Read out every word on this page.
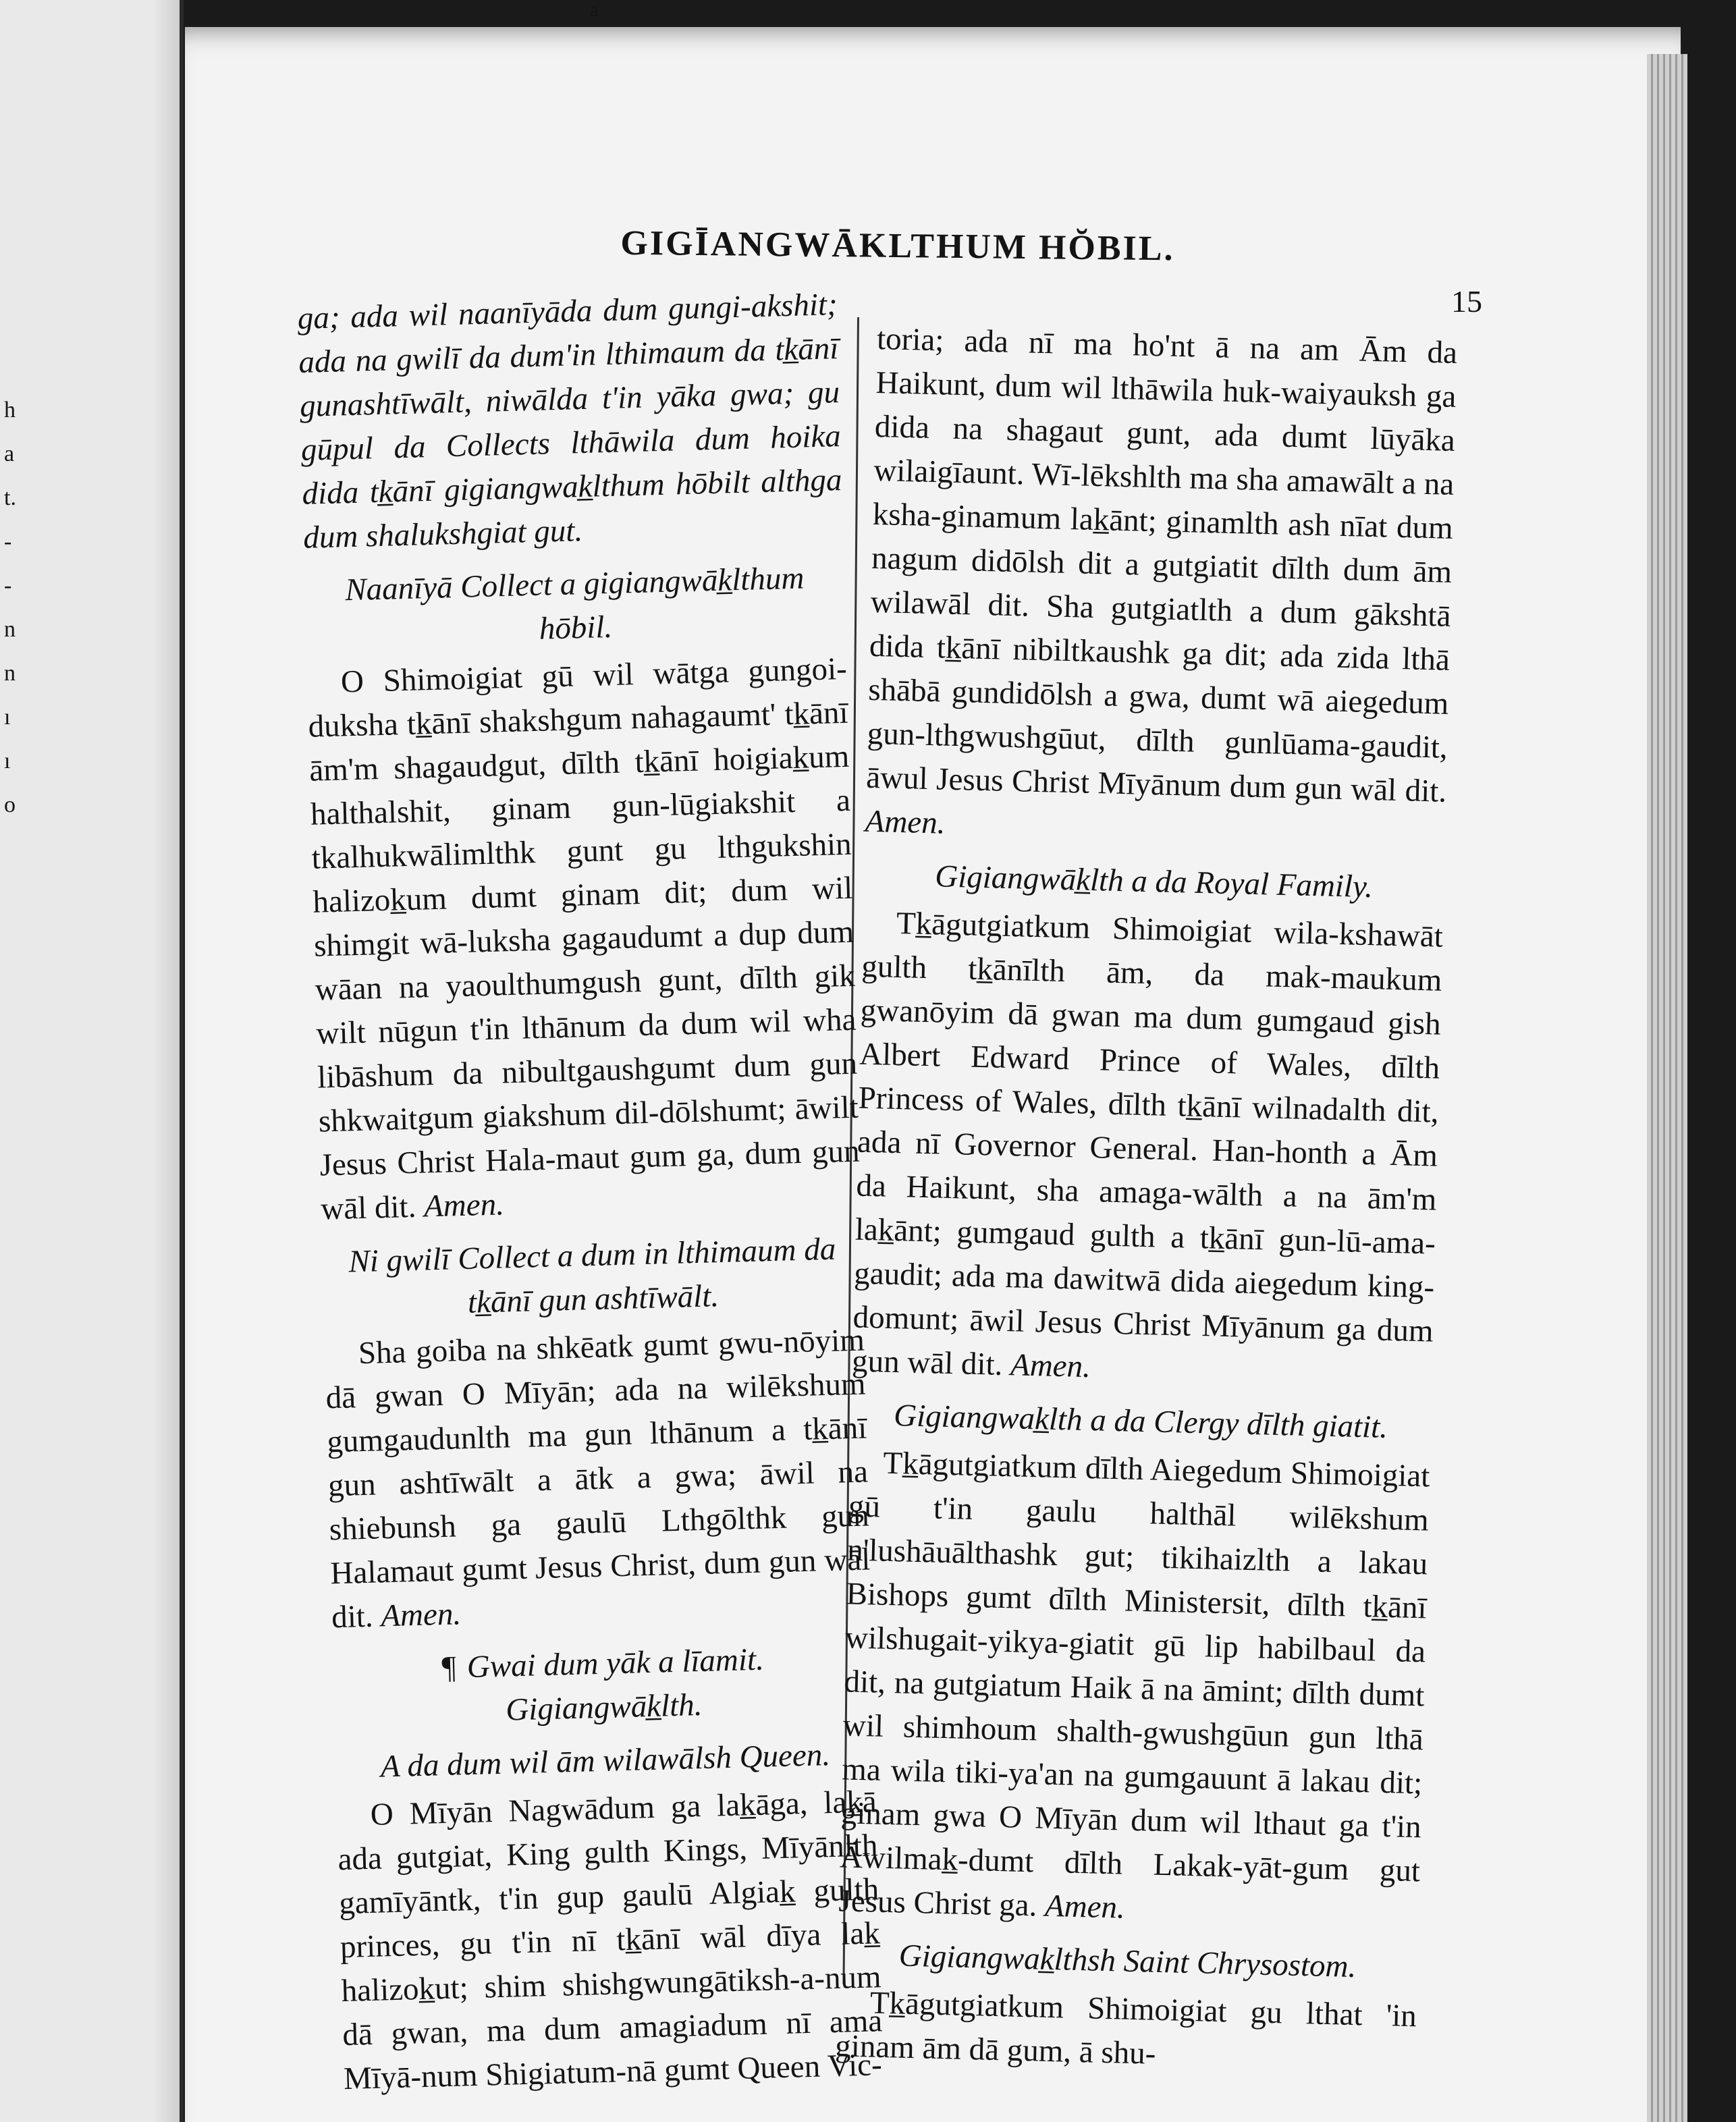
h
a
t.
-
-
n
n
ı
ı
o
a
GIGĪANGWĀKLTHUM HŎBIL.
15

ga; ada wil naanīyāda dum gungi-akshit; ada na gwilī da dum'in lthimaum da tk̲ānī gunashtīwālt, niwālda t'in yāka gwa; gu gūpul da Collects lthāwila dum hoika dida tk̲ānī gigiangwak̲lthum hōbilt althga dum shalukshgiat gut.

Naanīyā Collect a gigiangwāk̲lthum hōbil.

O Shimoigiat gū wil wātga gungoi-duksha tk̲ānī shakshgum nahagaumt' tk̲ānī ām'm shagaudgut, dīlth tk̲ānī hoigiak̲um halthalshit, ginam gun-lūgiakshit a tkalhukwālimlthk gunt gu lthgukshin halizok̲um dumt ginam dit; dum wil shimgit wā-luksha gagaudumt a dup dum wāan na yaoulthumgush gunt, dīlth gik wilt nūgun t'in lthānum da dum wil wha libāshum da nibultgaushgumt dum gun shkwaitgum giakshum dil-dōlshumt; āwilt Jesus Christ Hala-maut gum ga, dum gun wāl dit. Amen.

Ni gwilī Collect a dum in lthimaum da tk̲ānī gun ashtīwālt.

Sha goiba na shkēatk gumt gwu-nōyim dā gwan O Mīyān; ada na wilēkshum gumgaudunlth ma gun lthānum a tk̲ānī gun ashtīwālt a ātk a gwa; āwil na shiebunsh ga gaulū Lthgōlthk gun Halamaut gumt Jesus Christ, dum gun wāl dit. Amen.

¶ Gwai dum yāk a līamit.
Gigiangwāk̲lth.

A da dum wil ām wilawālsh Queen.

O Mīyān Nagwādum ga lak̲āga, lak̲ā ada gutgiat, King gulth Kings, Mīyānlth gamīyāntk, t'in gup gaulū Algiak̲ gulth princes, gu t'in nī tk̲ānī wāl dīya lak̲ halizok̲ut; shim shishgwungātiksh-a-num dā gwan, ma dum amagiadum nī ama Mīyā-num Shigiatum-nā gumt Queen Vic-

toria; ada nī ma ho'nt ā na am Ām da Haikunt, dum wil lthāwila huk-waiyauksh ga dida na shagaut gunt, ada dumt lūyāka wilaigīaunt. Wī-lēkshlth ma sha amawālt a na ksha-ginamum lak̲ānt; ginamlth ash nīat dum nagum didōlsh dit a gutgiatit dīlth dum ām wilawāl dit. Sha gutgiatlth a dum gākshtā dida tk̲ānī nibiltkaushk ga dit; ada zida lthā shābā gundidōlsh a gwa, dumt wā aiegedum gun-lthgwushgūut, dīlth gunlūama-gaudit, āwul Jesus Christ Mīyānum dum gun wāl dit. Amen.

Gigiangwāk̲lth a da Royal Family.

Tk̲āgutgiatkum Shimoigiat wila-kshawāt gulth tk̲ānīlth ām, da mak-maukum gwanōyim dā gwan ma dum gumgaud gish Albert Edward Prince of Wales, dīlth Princess of Wales, dīlth tk̲ānī wilnadalth dit, ada nī Governor General. Han-honth a Ām da Haikunt, sha amaga-wālth a na ām'm lak̲ānt; gumgaud gulth a tk̲ānī gun-lū-ama-gaudit; ada ma dawitwā dida aiegedum king-domunt; āwil Jesus Christ Mīyānum ga dum gun wāl dit. Amen.

Gigiangwak̲lth a da Clergy dīlth giatit.

Tk̲āgutgiatkum dīlth Aiegedum Shimoigiat gū t'in gaulu halthāl wilēkshum n'lushāuālthashk gut; tikihaizlth a lakau Bishops gumt dīlth Ministersit, dīlth tk̲ānī wilshugait-yikya-giatit gū lip habilbaul da dit, na gutgiatum Haik ā na āmint; dīlth dumt wil shimhoum shalth-gwushgūun gun lthā ma wila tiki-ya'an na gumgauunt ā lakau dit; ginam gwa O Mīyān dum wil lthaut ga t'in Āwilmak̲-dumt dīlth Lakak-yāt-gum gut Jesus Christ ga. Amen.

Gigiangwak̲lthsh Saint Chrysostom.

Tk̲āgutgiatkum Shimoigiat gu lthat 'in ginam ām dā gum, ā shu-
